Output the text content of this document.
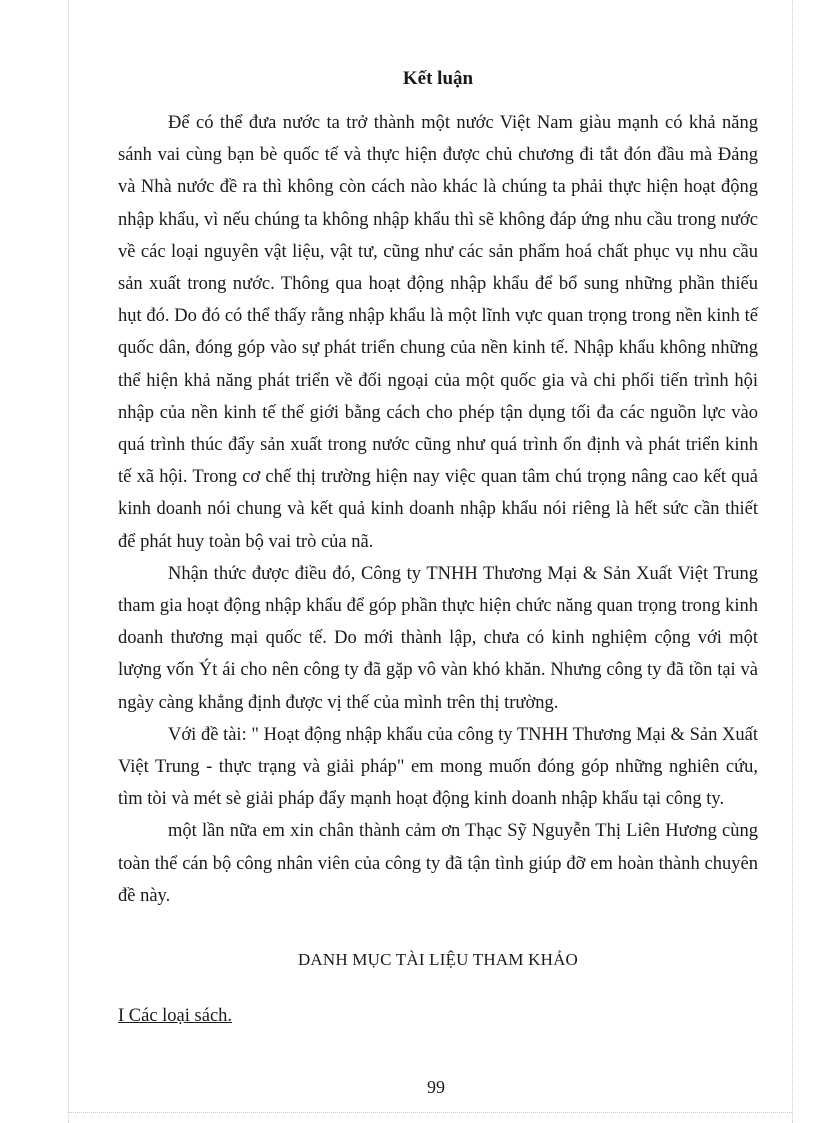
Kết luận

Để có thể đưa nước ta trở thành một nước Việt Nam giàu mạnh có khả năng sánh vai cùng bạn bè quốc tế và thực hiện được chủ chương đi tắt đón đầu mà Đảng và Nhà nước đề ra thì không còn cách nào khác là chúng ta phải thực hiện hoạt động nhập khẩu, vì nếu chúng ta không nhập khẩu thì sẽ không đáp ứng nhu cầu trong nước về các loại nguyên vật liệu, vật tư, cũng như các sản phẩm hoá chất phục vụ nhu cầu sản xuất trong nước. Thông qua hoạt động nhập khẩu để bổ sung những phần thiếu hụt đó. Do đó có thể thấy rằng nhập khẩu là một lĩnh vực quan trọng trong nền kinh tế quốc dân, đóng góp vào sự phát triển chung của nền kinh tế. Nhập khẩu không những thể hiện khả năng phát triển về đối ngoại của một quốc gia và chi phối tiến trình hội nhập của nền kinh tế thế giới bằng cách cho phép tận dụng tối đa các nguồn lực vào quá trình thúc đẩy sản xuất trong nước cũng như quá trình ổn định và phát triển kinh tế xã hội. Trong cơ chế thị trường hiện nay việc quan tâm chú trọng nâng cao kết quả kinh doanh nói chung và kết quả kinh doanh nhập khẩu nói riêng là hết sức cần thiết để phát huy toàn bộ vai trò của nã.

Nhận thức được điều đó, Công ty TNHH Thương Mại & Sản Xuất Việt Trung tham gia hoạt động nhập khẩu để góp phần thực hiện chức năng quan trọng trong kinh doanh thương mại quốc tế. Do mới thành lập, chưa có kinh nghiệm cộng với một lượng vốn Ýt ái cho nên công ty đã gặp vô vàn khó khăn. Nhưng công ty đã tồn tại và ngày càng khẳng định được vị thế của mình trên thị trường.

Với đề tài: " Hoạt động nhập khẩu của công ty TNHH Thương Mại & Sản Xuất Việt Trung - thực trạng và giải pháp" em mong muốn đóng góp những nghiên cứu, tìm tòi và mét sè giải pháp đẩy mạnh hoạt động kinh doanh nhập khẩu tại công ty.

một lần nữa em xin chân thành cảm ơn Thạc Sỹ Nguyễn Thị Liên Hương cùng toàn thể cán bộ công nhân viên của công ty đã tận tình giúp đỡ em hoàn thành chuyên đề này.

DANH MỤC TÀI LIỆU THAM KHẢO
I Các loại sách.
99
